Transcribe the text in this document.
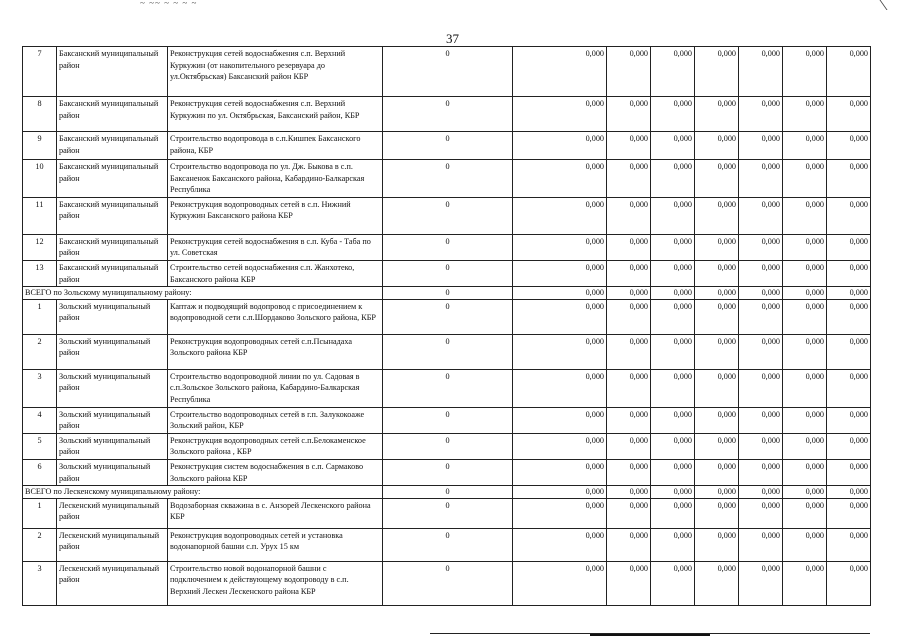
~ ~~ ~ ~ ~ ~
37
7	Баксанский муниципальный район	Реконструкция сетей водоснабжения с.п. Верхний Куркужин (от накопительного резервуара до ул.Октябрьская) Баксанский район КБР	0	0,000	0,000	0,000	0,000	0,000	0,000	0,000
8	Баксанский муниципальный район	Реконструкция сетей водоснабжения с.п. Верхний Куркужин по ул. Октябрьская, Баксанский район, КБР	0	0,000	0,000	0,000	0,000	0,000	0,000	0,000
9	Баксанский муниципальный район	Строительство водопровода в с.п.Кишпек Баксанского района, КБР	0	0,000	0,000	0,000	0,000	0,000	0,000	0,000
10	Баксанский муниципальный район	Строительство водопровода по ул. Дж. Быкова в с.п. Баксаненок Баксанского района, Кабардино-Балкарская Республика	0	0,000	0,000	0,000	0,000	0,000	0,000	0,000
11	Баксанский муниципальный район	Реконструкция водопроводных сетей в с.п. Нижний Куркужин Баксанского района КБР	0	0,000	0,000	0,000	0,000	0,000	0,000	0,000
12	Баксанский муниципальный район	Реконструкция сетей водоснабжения в с.п. Куба - Таба по ул. Советская	0	0,000	0,000	0,000	0,000	0,000	0,000	0,000
13	Баксанский муниципальный район	Строительство сетей водоснабжения с.п. Жанхотеко, Баксанского района КБР	0	0,000	0,000	0,000	0,000	0,000	0,000	0,000
ВСЕГО по Зольскому муниципальному району:			0	0,000	0,000	0,000	0,000	0,000	0,000	0,000
1	Зольский муниципальный район	Каптаж и подводящий водопровод с присоединением к водопроводной сети с.п.Шордаково Зольского района, КБР	0	0,000	0,000	0,000	0,000	0,000	0,000	0,000
2	Зольский муниципальный район	Реконструкция водопроводных сетей с.п.Псынадаха Зольского района КБР	0	0,000	0,000	0,000	0,000	0,000	0,000	0,000
3	Зольский муниципальный район	Строительство водопроводной линии по ул. Садовая в с.п.Зольское Зольского района, Кабардино-Балкарская Республика	0	0,000	0,000	0,000	0,000	0,000	0,000	0,000
4	Зольский муниципальный район	Строительство водопроводных сетей в г.п. Залукокоаже Зольский район, КБР	0	0,000	0,000	0,000	0,000	0,000	0,000	0,000
5	Зольский муниципальный район	Реконструкция водопроводных сетей с.п.Белокаменское Зольского района , КБР	0	0,000	0,000	0,000	0,000	0,000	0,000	0,000
6	Зольский муниципальный район	Реконструкция систем водоснабжения в с.п. Сармаково Зольского района КБР	0	0,000	0,000	0,000	0,000	0,000	0,000	0,000
ВСЕГО по Лескенскому муниципальному району:			0	0,000	0,000	0,000	0,000	0,000	0,000	0,000
1	Лескенский муниципальный район	Водозаборная скважина в с. Анзорей Лескенского района КБР	0	0,000	0,000	0,000	0,000	0,000	0,000	0,000
2	Лескенский муниципальный район	Реконструкция водопроводных сетей и установка водонапорной башни с.п. Урух 15 км	0	0,000	0,000	0,000	0,000	0,000	0,000	0,000
3	Лескенский муниципальный район	Строительство новой водонапорной башни с подключением к действующему водопроводу в с.п. Верхний Лескен Лескенского района КБР	0	0,000	0,000	0,000	0,000	0,000	0,000	0,000
